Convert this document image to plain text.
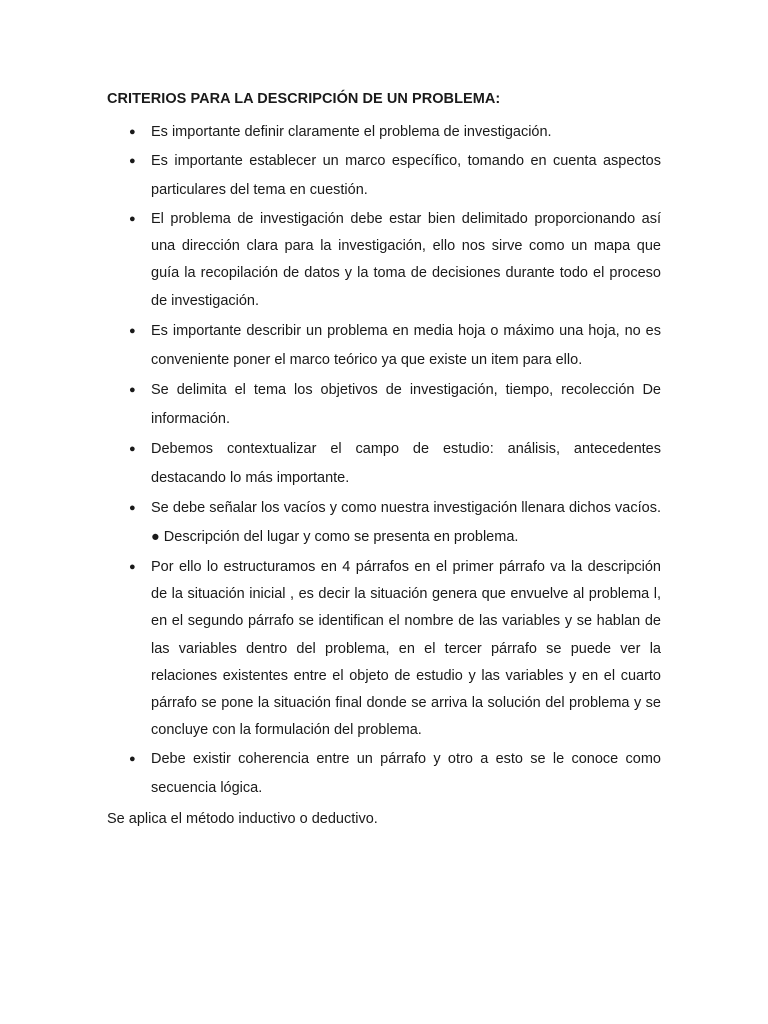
CRITERIOS PARA LA DESCRIPCIÓN DE UN PROBLEMA:
● Es importante definir claramente el problema de investigación.
● Es importante establecer un marco específico, tomando en cuenta aspectos particulares del tema en cuestión.
● El problema de investigación debe estar bien delimitado proporcionando así una dirección clara para la investigación, ello nos sirve como un mapa que guía la recopilación de datos y la toma de decisiones durante todo el proceso de investigación.
● Es importante describir un problema en media hoja o máximo una hoja, no es conveniente poner el marco teórico ya que existe un item para ello.
● Se delimita el tema los objetivos de investigación, tiempo, recolección De información.
● Debemos contextualizar el campo de estudio: análisis, antecedentes destacando lo más importante.
● Se debe señalar los vacíos y como nuestra investigación llenara dichos vacíos. ● Descripción del lugar y como se presenta en problema.
● Por ello lo estructuramos en 4 párrafos en el primer párrafo va la descripción de la situación inicial , es decir la situación genera que envuelve al problema l, en el segundo párrafo se identifican el nombre de las variables y se hablan de las variables dentro del problema, en el tercer párrafo se puede ver la relaciones existentes entre el objeto de estudio y las variables y en el cuarto párrafo se pone la situación final donde se arriva la solución del problema y se concluye con la formulación del problema.
● Debe existir coherencia entre un párrafo y otro a esto se le conoce como secuencia lógica.
Se aplica el método inductivo o deductivo.
